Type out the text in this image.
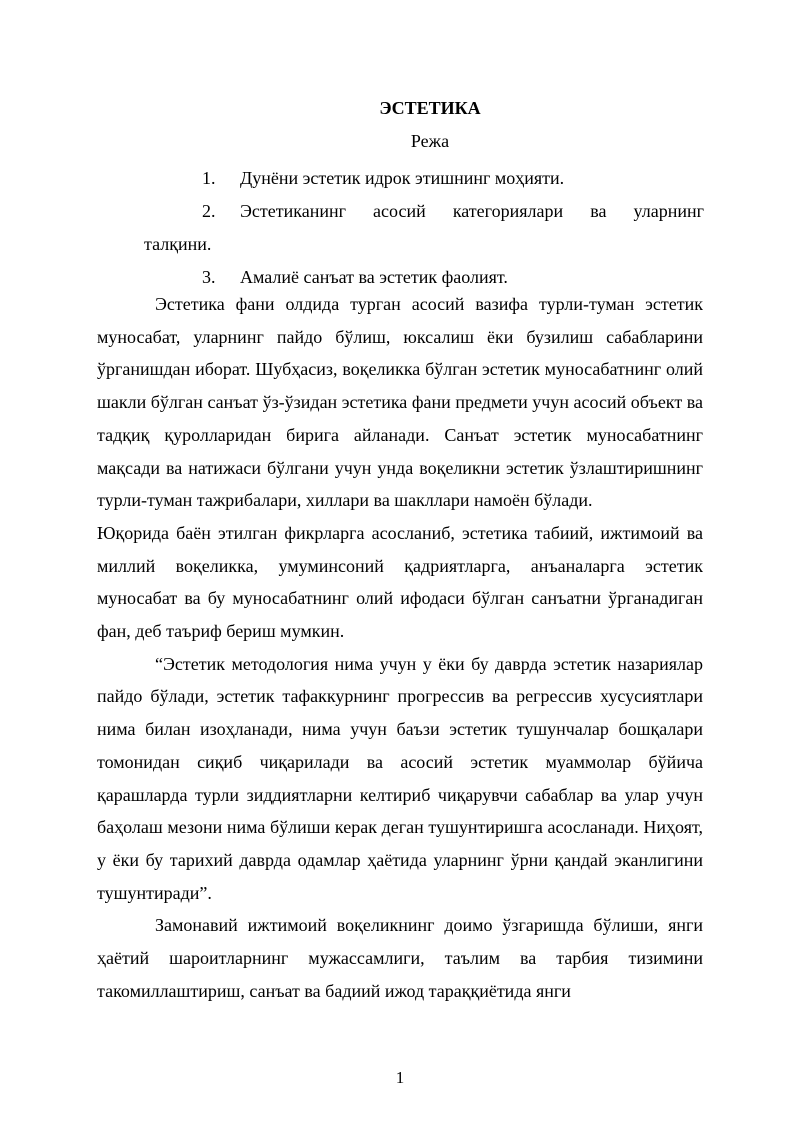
ЭСТЕТИКА
Режа
1. Дунёни эстетик идрок этишнинг моҳияти.
2. Эстетиканинг асосий категориялари ва уларнинг
талқини.
3. Амалиё санъат ва эстетик фаолият.

Эстетика фани олдида турган асосий вазифа турли-туман эстетик муносабат, уларнинг пайдо бўлиш, юксалиш ёки бузилиш сабабларини ўрганишдан иборат. Шубҳасиз, воқеликка бўлган эстетик муносабатнинг олий шакли бўлган санъат ўз-ўзидан эстетика фани предмети учун асосий объект ва тадқиқ қуролларидан бирига айланади. Санъат эстетик муносабатнинг мақсади ва натижаси бўлгани учун унда воқеликни эстетик ўзлаштиришнинг турли-туман тажрибалари, хиллари ва шакллари намоён бўлади.

Юқорида баён этилган фикрларга асосланиб, эстетика табиий, ижтимоий ва миллий воқеликка, умуминсоний қадриятларга, анъаналарга эстетик муносабат ва бу муносабатнинг олий ифодаси бўлган санъатни ўрганадиган фан, деб таъриф бериш мумкин.

“Эстетик методология нима учун у ёки бу даврда эстетик назариялар пайдо бўлади, эстетик тафаккурнинг прогрессив ва регрессив хусусиятлари нима билан изоҳланади, нима учун баъзи эстетик тушунчалар бошқалари томонидан сиқиб чиқарилади ва асосий эстетик муаммолар бўйича қарашларда турли зиддиятларни келтириб чиқарувчи сабаблар ва улар учун баҳолаш мезони нима бўлиши керак деган тушунтиришга асосланади. Ниҳоят, у ёки бу тарихий даврда одамлар ҳаётида уларнинг ўрни қандай эканлигини тушунтиради”.

Замонавий ижтимоий воқеликнинг доимо ўзгаришда бўлиши, янги ҳаётий шароитларнинг мужассамлиги, таълим ва тарбия тизимини такомиллаштириш, санъат ва бадиий ижод тараққиётида янги

1
